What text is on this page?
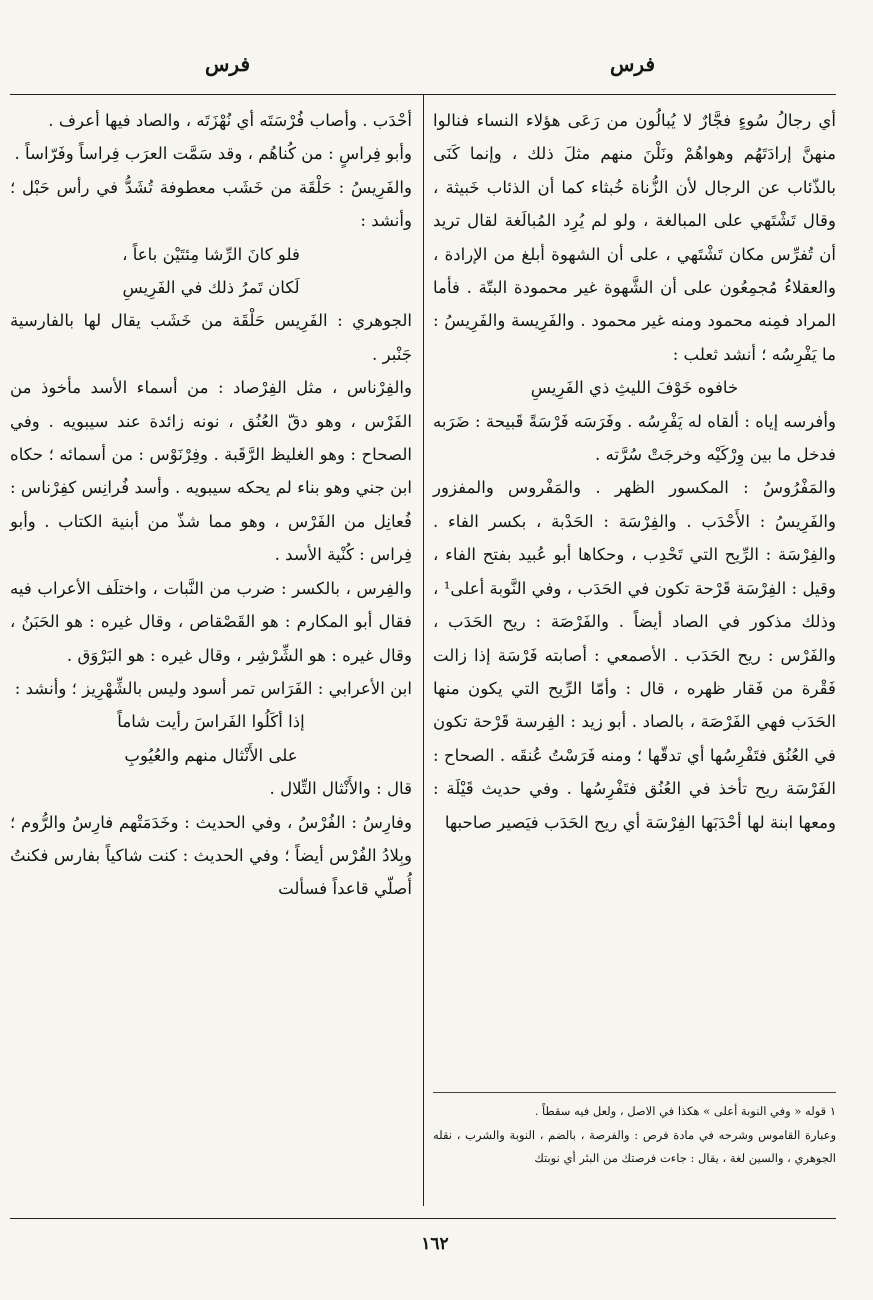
فرس
فرس

أي رجالُ سُوءٍ فجَّارٌ لا يُبالُون من رَعَى هؤلاء النساء فنالوا منهنَّ إرادَتَهُم وهواهُمْ ونَلْنَ منهم مثلَ ذلك ، وإنما كَنَى بالذّئاب عن الرجال لأن الزُّناة خُبثاء كما أن الذئاب خَبيثة ، وقال تَشْتَهي على المبالغة ، ولو لم يُرِد المُبالَغة لقال تريد أن تُفرِّس مكان تَشْتَهي ، على أن الشهوة أبلغ من الإرادة ، والعقلاءُ مُجمِعُون على أن الشَّهوة غير محمودة البتّة . فأما المراد فمِنه محمود ومنه غير محمود . والفَرِيسة والفَرِيسُ : ما يَفْرِسُه ؛ أنشد ثعلب :

خافوه خَوْفَ الليثِ ذي الفَرِيسِ

وأفرسه إياه : ألقاه له يَفْرِسُه . وفَرَسَه فَرْسَةً قَبيحة : ضَرَبه فدخل ما بين وِرْكَيْه وخرجَتْ سُرَّته .

والمَفْرُوسُ : المكسور الظهر . والمَفْروس والمفزور والفَرِيسُ : الأَحْدَب . والفِرْسَة : الحَدْبة ، بكسر الفاء . والفِرْسَة : الرِّيح التي تَحْدِب ، وحكاها أبو عُبيد بفتح الفاء ، وقيل : الفِرْسَة قَرْحة تكون في الحَدَب ، وفي النَّوبة أعلى¹ ، وذلك مذكور في الصاد أيضاً . والفَرْصَة : ريح الحَدَب ، والفَرْس : ريح الحَدَب . الأصمعي : أصابته فَرْسَة إذا زالت فَقْرة من فَقار ظهره ، قال : وأمّا الرِّيح التي يكون منها الحَدَب فهي الفَرْصَة ، بالصاد . أبو زيد : الفِرسة قَرْحة تكون في العُنُق فتَفْرِسُها أي تدقّها ؛ ومنه فَرَسْتُ عُنقَه . الصحاح : الفَرْسَة ريح تأخذ في العُنُق فتَفْرِسُها . وفي حديث قَيْلَة : ومعها ابنة لها أحْدَبَها الفِرْسَة أي ريح الحَدَب فيَصير صاحبها

١ قوله « وفي النوبة أعلى » هكذا في الاصل ، ولعل فيه سقطاً .

وعبارة القاموس وشرحه في مادة فرص : والفرصة ، بالضم ، النوبة والشرب ، نقله الجوهري ، والسين لغة ، يقال : جاءت فرصتك من البئر أي نوبتك

أحْدَب . وأصاب فُرْسَتَه أي نُهْزَتَه ، والصاد فيها أعرف .

وأبو فِراسٍ : من كُناهُم ، وقد سَمَّت العرَب فِراساً وفَرّاساً .

والفَرِيسُ : حَلْقَة من خَشَب معطوفة تُشَدُّ في رأس حَبْل ؛ وأنشد :

فلو كانَ الرِّشا مِئتَيْن باعاً ،

لَكان تَمرُ ذلك في الفَرِيسِ

الجوهري : الفَرِيس حَلْقَة من خَشَب يقال لها بالفارسية جَنْبر .

والفِرْناس ، مثل الفِرْصاد : من أسماء الأسد مأخوذ من الفَرْس ، وهو دقّ العُنُق ، نونه زائدة عند سيبويه . وفي الصحاح : وهو الغليظ الرَّقَبة . وفِرْنَوْس : من أسمائه ؛ حكاه ابن جني وهو بناء لم يحكه سيبويه . وأسد فُرانِس كفِرْناس : فُعانِل من الفَرْس ، وهو مما شذّ من أبنية الكتاب . وأبو فِراس : كُنْية الأسد .

والفِرس ، بالكسر : ضرب من النَّبات ، واختلَف الأعراب فيه فقال أبو المكارم : هو القَصْقاص ، وقال غيره : هو الحَبَنُ ، وقال غيره : هو الشِّرْشِر ، وقال غيره : هو البَرْوَق .

ابن الأعرابي : الفَرَاس تمر أسود وليس بالشِّهْرِيز ؛ وأنشد :

إذا أكَلُوا الفَراسَ رأيت شاماً

على الأَنْثال منهم والعُيُوبِ

قال : والأَنْثال التِّلال .

وفارِسُ : الفُرْسُ ، وفي الحديث : وخَدَمَتْهم فارِسُ والرُّوم ؛ وبِلادُ الفُرْس أيضاً ؛ وفي الحديث : كنت شاكياً بفارس فكنتُ أُصلّي قاعداً فسألت

١٦٢
